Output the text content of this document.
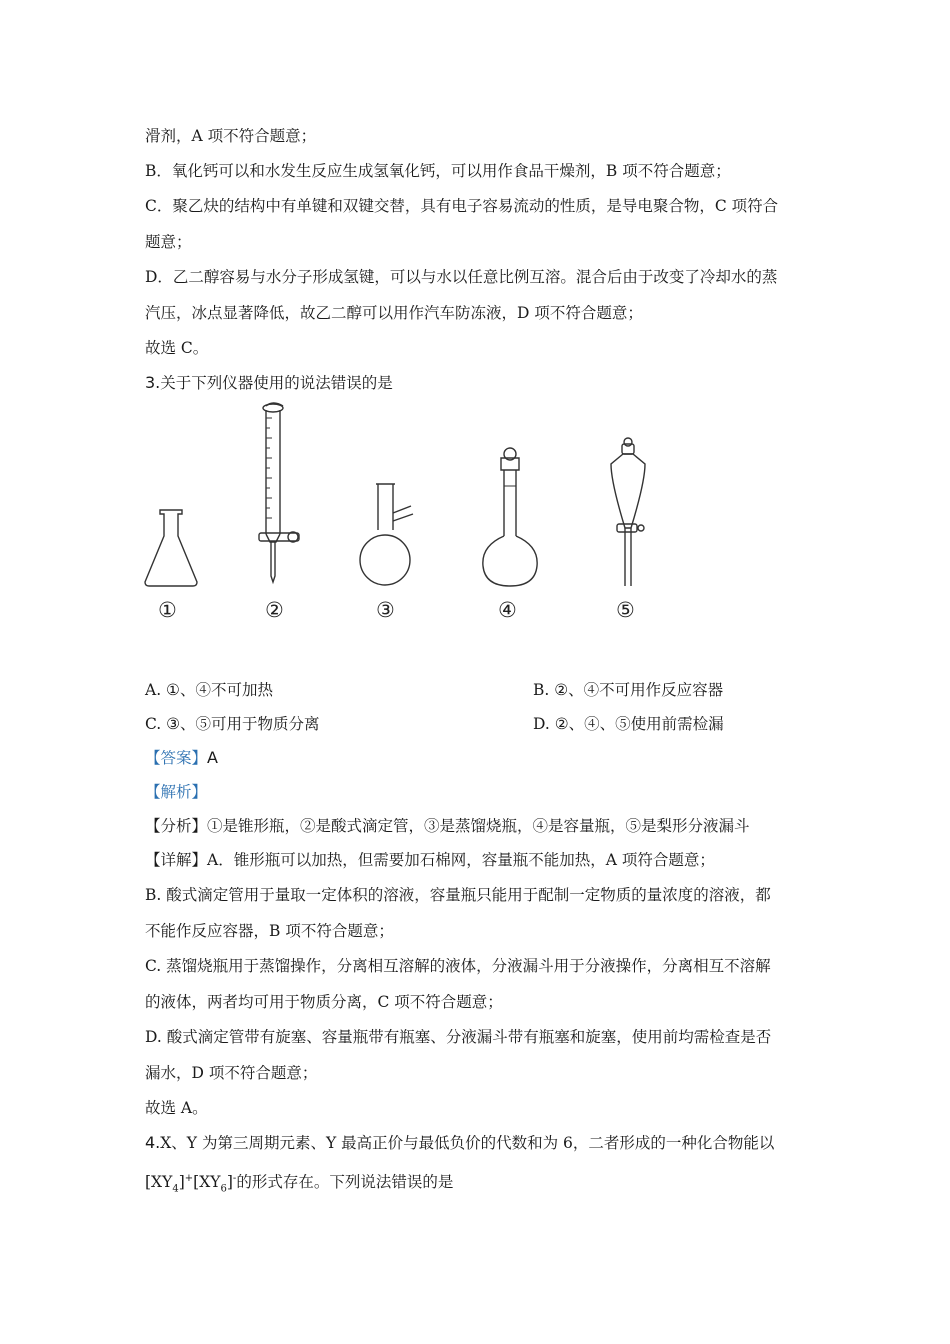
滑剂，A 项不符合题意；
B．氧化钙可以和水发生反应生成氢氧化钙，可以用作食品干燥剂，B 项不符合题意；
C．聚乙炔的结构中有单键和双键交替，具有电子容易流动的性质，是导电聚合物，C 项符合
题意；
D．乙二醇容易与水分子形成氢键，可以与水以任意比例互溶。混合后由于改变了冷却水的蒸
汽压，冰点显著降低，故乙二醇可以用作汽车防冻液，D 项不符合题意；
故选 C。
3.关于下列仪器使用的说法错误的是
①	②	③	④	⑤
A. ①、④不可加热	B. ②、④不可用作反应容器
C. ③、⑤可用于物质分离	D. ②、④、⑤使用前需检漏
【答案】A
【解析】
【分析】①是锥形瓶，②是酸式滴定管，③是蒸馏烧瓶，④是容量瓶，⑤是梨形分液漏斗
【详解】A．锥形瓶可以加热，但需要加石棉网，容量瓶不能加热，A 项符合题意；
B. 酸式滴定管用于量取一定体积的溶液，容量瓶只能用于配制一定物质的量浓度的溶液，都
不能作反应容器，B 项不符合题意；
C. 蒸馏烧瓶用于蒸馏操作，分离相互溶解的液体，分液漏斗用于分液操作，分离相互不溶解
的液体，两者均可用于物质分离，C 项不符合题意；
D. 酸式滴定管带有旋塞、容量瓶带有瓶塞、分液漏斗带有瓶塞和旋塞，使用前均需检查是否
漏水，D 项不符合题意；
故选 A。
4.X、Y 为第三周期元素、Y 最高正价与最低负价的代数和为 6，二者形成的一种化合物能以
$[XY_4]^+[XY_6]^-$的形式存在。下列说法错误的是
